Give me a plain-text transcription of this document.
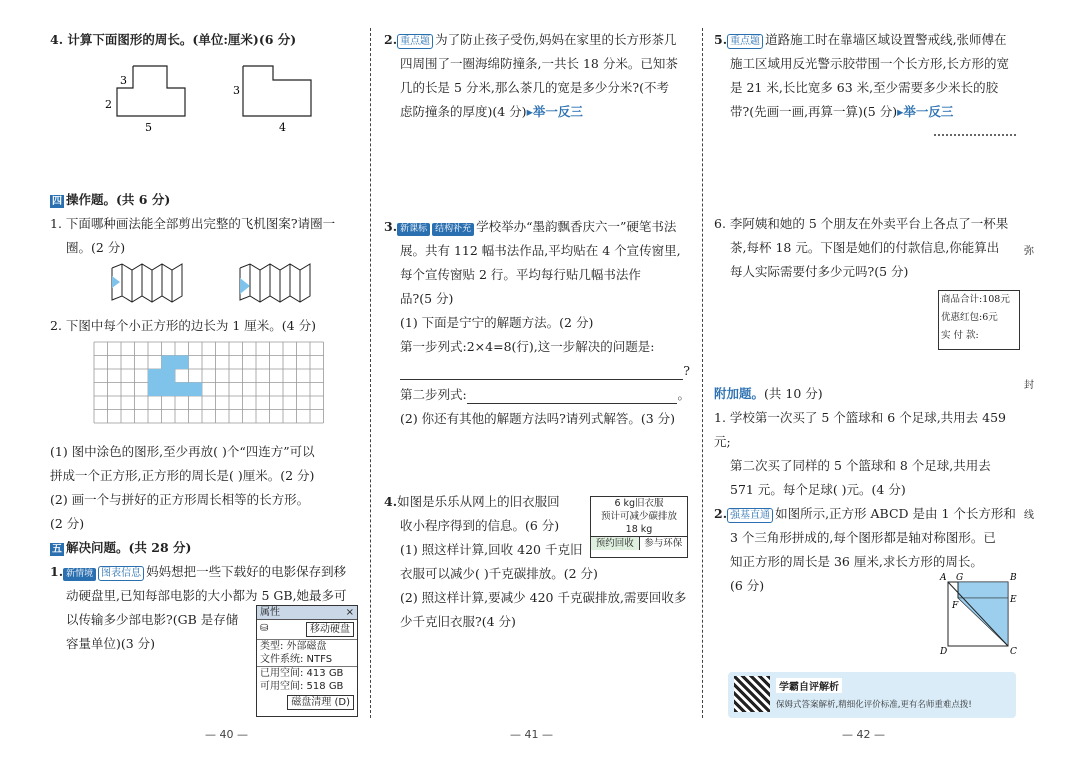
4. 计算下面图形的周长。(单位:厘米)(6 分)
3
2
5
3
4
四 操作题。(共 6 分)
1. 下面哪种画法能全部剪出完整的飞机图案?请圈一
圈。(2 分)
2. 下图中每个小正方形的边长为 1 厘米。(4 分)
(1) 图中涂色的图形,至少再放( )个“四连方”可以
拼成一个正方形,正方形的周长是( )厘米。(2 分)
(2) 画一个与拼好的正方形周长相等的长方形。
(2 分)
五 解决问题。(共 28 分)
1. 新情境 图表信息 妈妈想把一些下载好的电影保存到移
动硬盘里,已知每部电影的大小都为 5 GB,她最多可
以传输多少部电影?(GB 是存储
容量单位)(3 分)
属性	×
⛁	移动硬盘
类型: 外部磁盘
文件系统: NTFS
已用空间: 413 GB
可用空间: 518 GB
磁盘清理 (D)
2. 重点题 为了防止孩子受伤,妈妈在家里的长方形茶几
四周围了一圈海绵防撞条,一共长 18 分米。已知茶
几的长是 5 分米,那么茶几的宽是多少分米?(不考
虑防撞条的厚度)(4 分)▸举一反三
3. 新课标 结构补充 学校举办“墨韵飘香庆六一”硬笔书法
展。共有 112 幅书法作品,平均贴在 4 个宣传窗里,
每个宣传窗贴 2 行。平均每行贴几幅书法作
品?(5 分)
(1) 下面是宁宁的解题方法。(2 分)
第一步列式:2×4=8(行),这一步解决的问题是:
?
第二步列式:	。
(2) 你还有其他的解题方法吗?请列式解答。(3 分)
4.如图是乐乐从网上的旧衣服回
收小程序得到的信息。(6 分)
(1) 照这样计算,回收 420 千克旧
衣服可以减少( )千克碳排放。(2 分)
(2) 照这样计算,要减少 420 千克碳排放,需要回收多
少千克旧衣服?(4 分)
6 kg旧衣服
预计可减少碳排放
18 kg
预约回收	参与环保
5. 重点题 道路施工时在靠墙区域设置警戒线,张师傅在
施工区域用反光警示胶带围一个长方形,长方形的宽
是 21 米,长比宽多 63 米,至少需要多少米长的胶
带?(先画一画,再算一算)(5 分)▸举一反三
6. 李阿姨和她的 5 个朋友在外卖平台上各点了一杯果
茶,每杯 18 元。下图是她们的付款信息,你能算出
每人实际需要付多少元吗?(5 分)
商品合计:108元
优惠红包:6元
实 付 款:
附加题。(共 10 分)
1. 学校第一次买了 5 个篮球和 6 个足球,共用去 459 元;
第二次买了同样的 5 个篮球和 8 个足球,共用去
571 元。每个足球( )元。(4 分)
2. 强基直通 如图所示,正方形 ABCD 是由 1 个长方形和
3 个三角形拼成的,每个图形都是轴对称图形。已
知正方形的周长是 36 厘米,求长方形的周长。
(6 分)	A G	B
F
E
D	C
学霸自评解析
保姆式答案解析,精细化评价标准,更有名师重难点拨!
弥
封
线
— 40 —	— 41 —	— 42 —
